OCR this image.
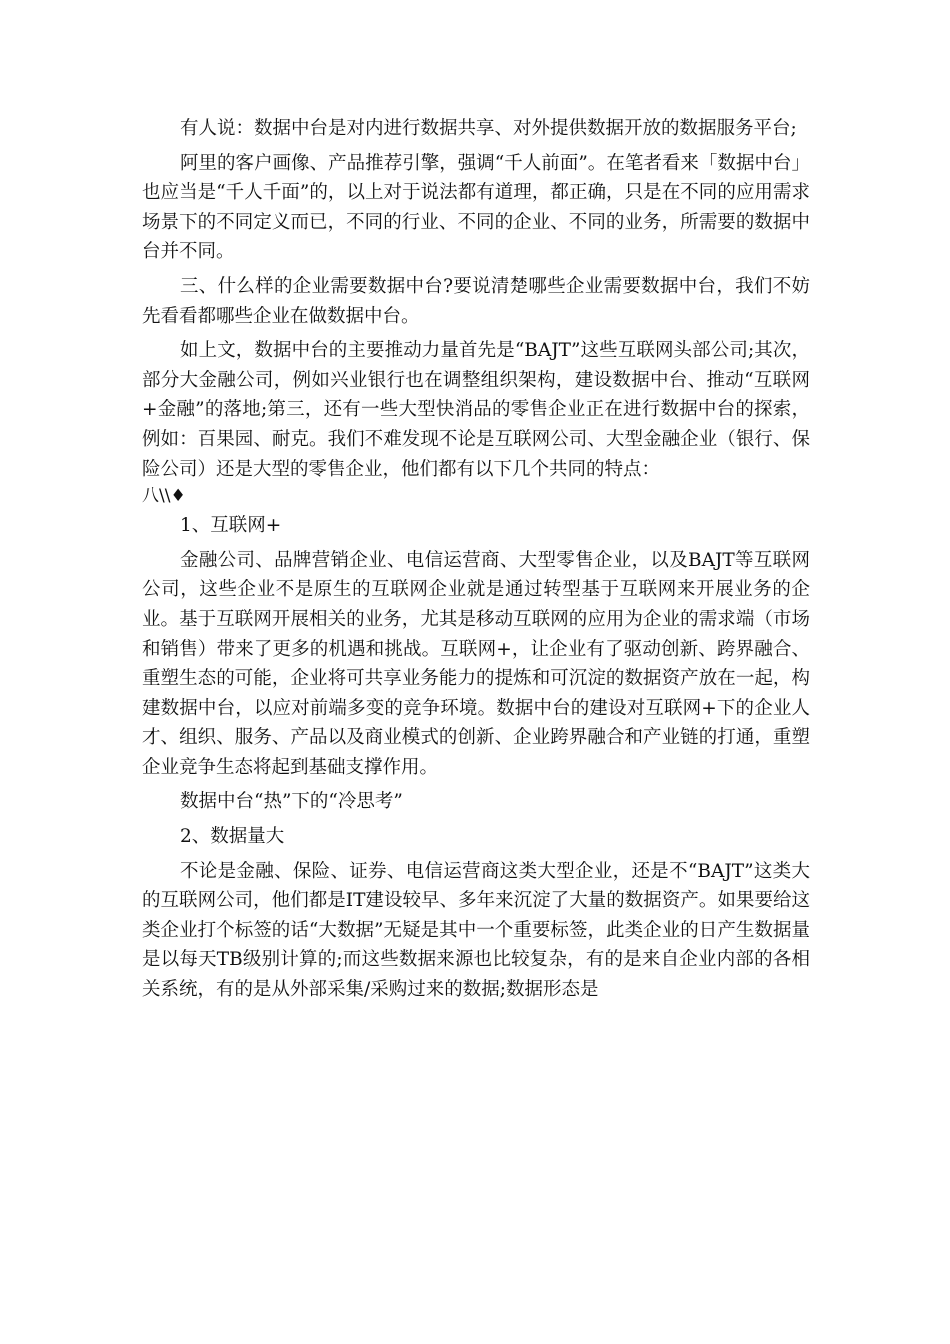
有人说：数据中台是对内进行数据共享、对外提供数据开放的数据服务平台;

阿里的客户画像、产品推荐引擎，强调“千人前面”。在笔者看来「数据中台」也应当是“千人千面”的，以上对于说法都有道理，都正确，只是在不同的应用需求场景下的不同定义而已，不同的行业、不同的企业、不同的业务，所需要的数据中台并不同。

三、什么样的企业需要数据中台?要说清楚哪些企业需要数据中台，我们不妨先看看都哪些企业在做数据中台。

如上文，数据中台的主要推动力量首先是“BAJT”这些互联网头部公司;其次，部分大金融公司，例如兴业银行也在调整组织架构，建设数据中台、推动“互联网+金融”的落地;第三，还有一些大型快消品的零售企业正在进行数据中台的探索，例如：百果园、耐克。我们不难发现不论是互联网公司、大型金融企业（银行、保险公司）还是大型的零售企业，他们都有以下几个共同的特点：

八\\♦

1、互联网+

金融公司、品牌营销企业、电信运营商、大型零售企业，以及BAJT等互联网公司，这些企业不是原生的互联网企业就是通过转型基于互联网来开展业务的企业。基于互联网开展相关的业务，尤其是移动互联网的应用为企业的需求端（市场和销售）带来了更多的机遇和挑战。互联网+，让企业有了驱动创新、跨界融合、重塑生态的可能，企业将可共享业务能力的提炼和可沉淀的数据资产放在一起，构建数据中台，以应对前端多变的竞争环境。数据中台的建设对互联网+下的企业人才、组织、服务、产品以及商业模式的创新、企业跨界融合和产业链的打通，重塑企业竞争生态将起到基础支撑作用。

数据中台“热”下的“冷思考”

2、数据量大

不论是金融、保险、证券、电信运营商这类大型企业，还是不“BAJT”这类大的互联网公司，他们都是IT建设较早、多年来沉淀了大量的数据资产。如果要给这类企业打个标签的话“大数据”无疑是其中一个重要标签，此类企业的日产生数据量是以每天TB级别计算的;而这些数据来源也比较复杂，有的是来自企业内部的各相关系统，有的是从外部采集/采购过来的数据;数据形态是
